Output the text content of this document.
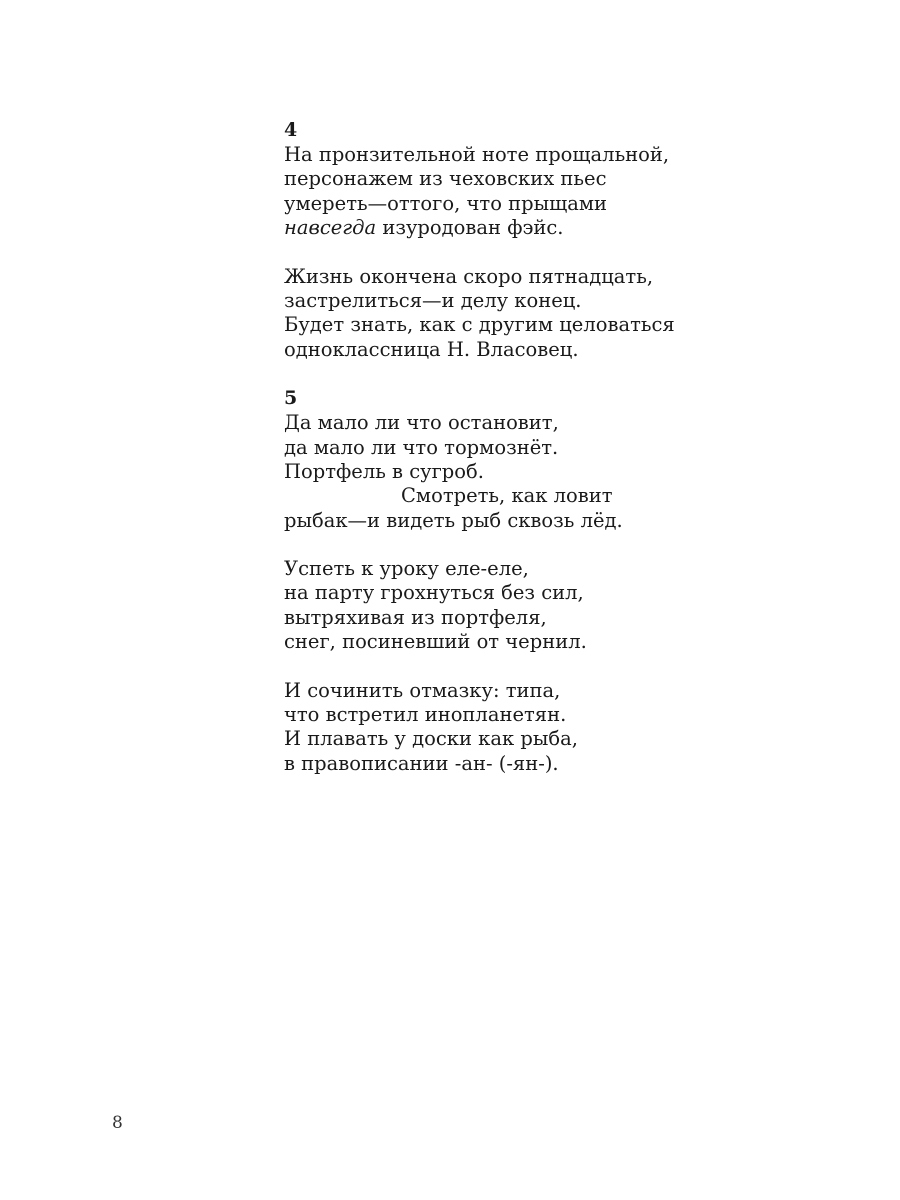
4
На пронзительной ноте прощальной,
персонажем из чеховских пьес
умереть—оттого, что прыщами
навсегда изуродован фэйс.
Жизнь окончена скоро пятнадцать,
застрелиться—и делу конец.
Будет знать, как с другим целоваться
одноклассница Н. Власовец.
5
Да мало ли что остановит,
да мало ли что тормознёт.
Портфель в сугроб.
Смотреть, как ловит
рыбак—и видеть рыб сквозь лёд.
Успеть к уроку еле-еле,
на парту грохнуться без сил,
вытряхивая из портфеля,
снег, посиневший от чернил.
И сочинить отмазку: типа,
что встретил инопланетян.
И плавать у доски как рыба,
в правописании -ан- (-ян-).
8
